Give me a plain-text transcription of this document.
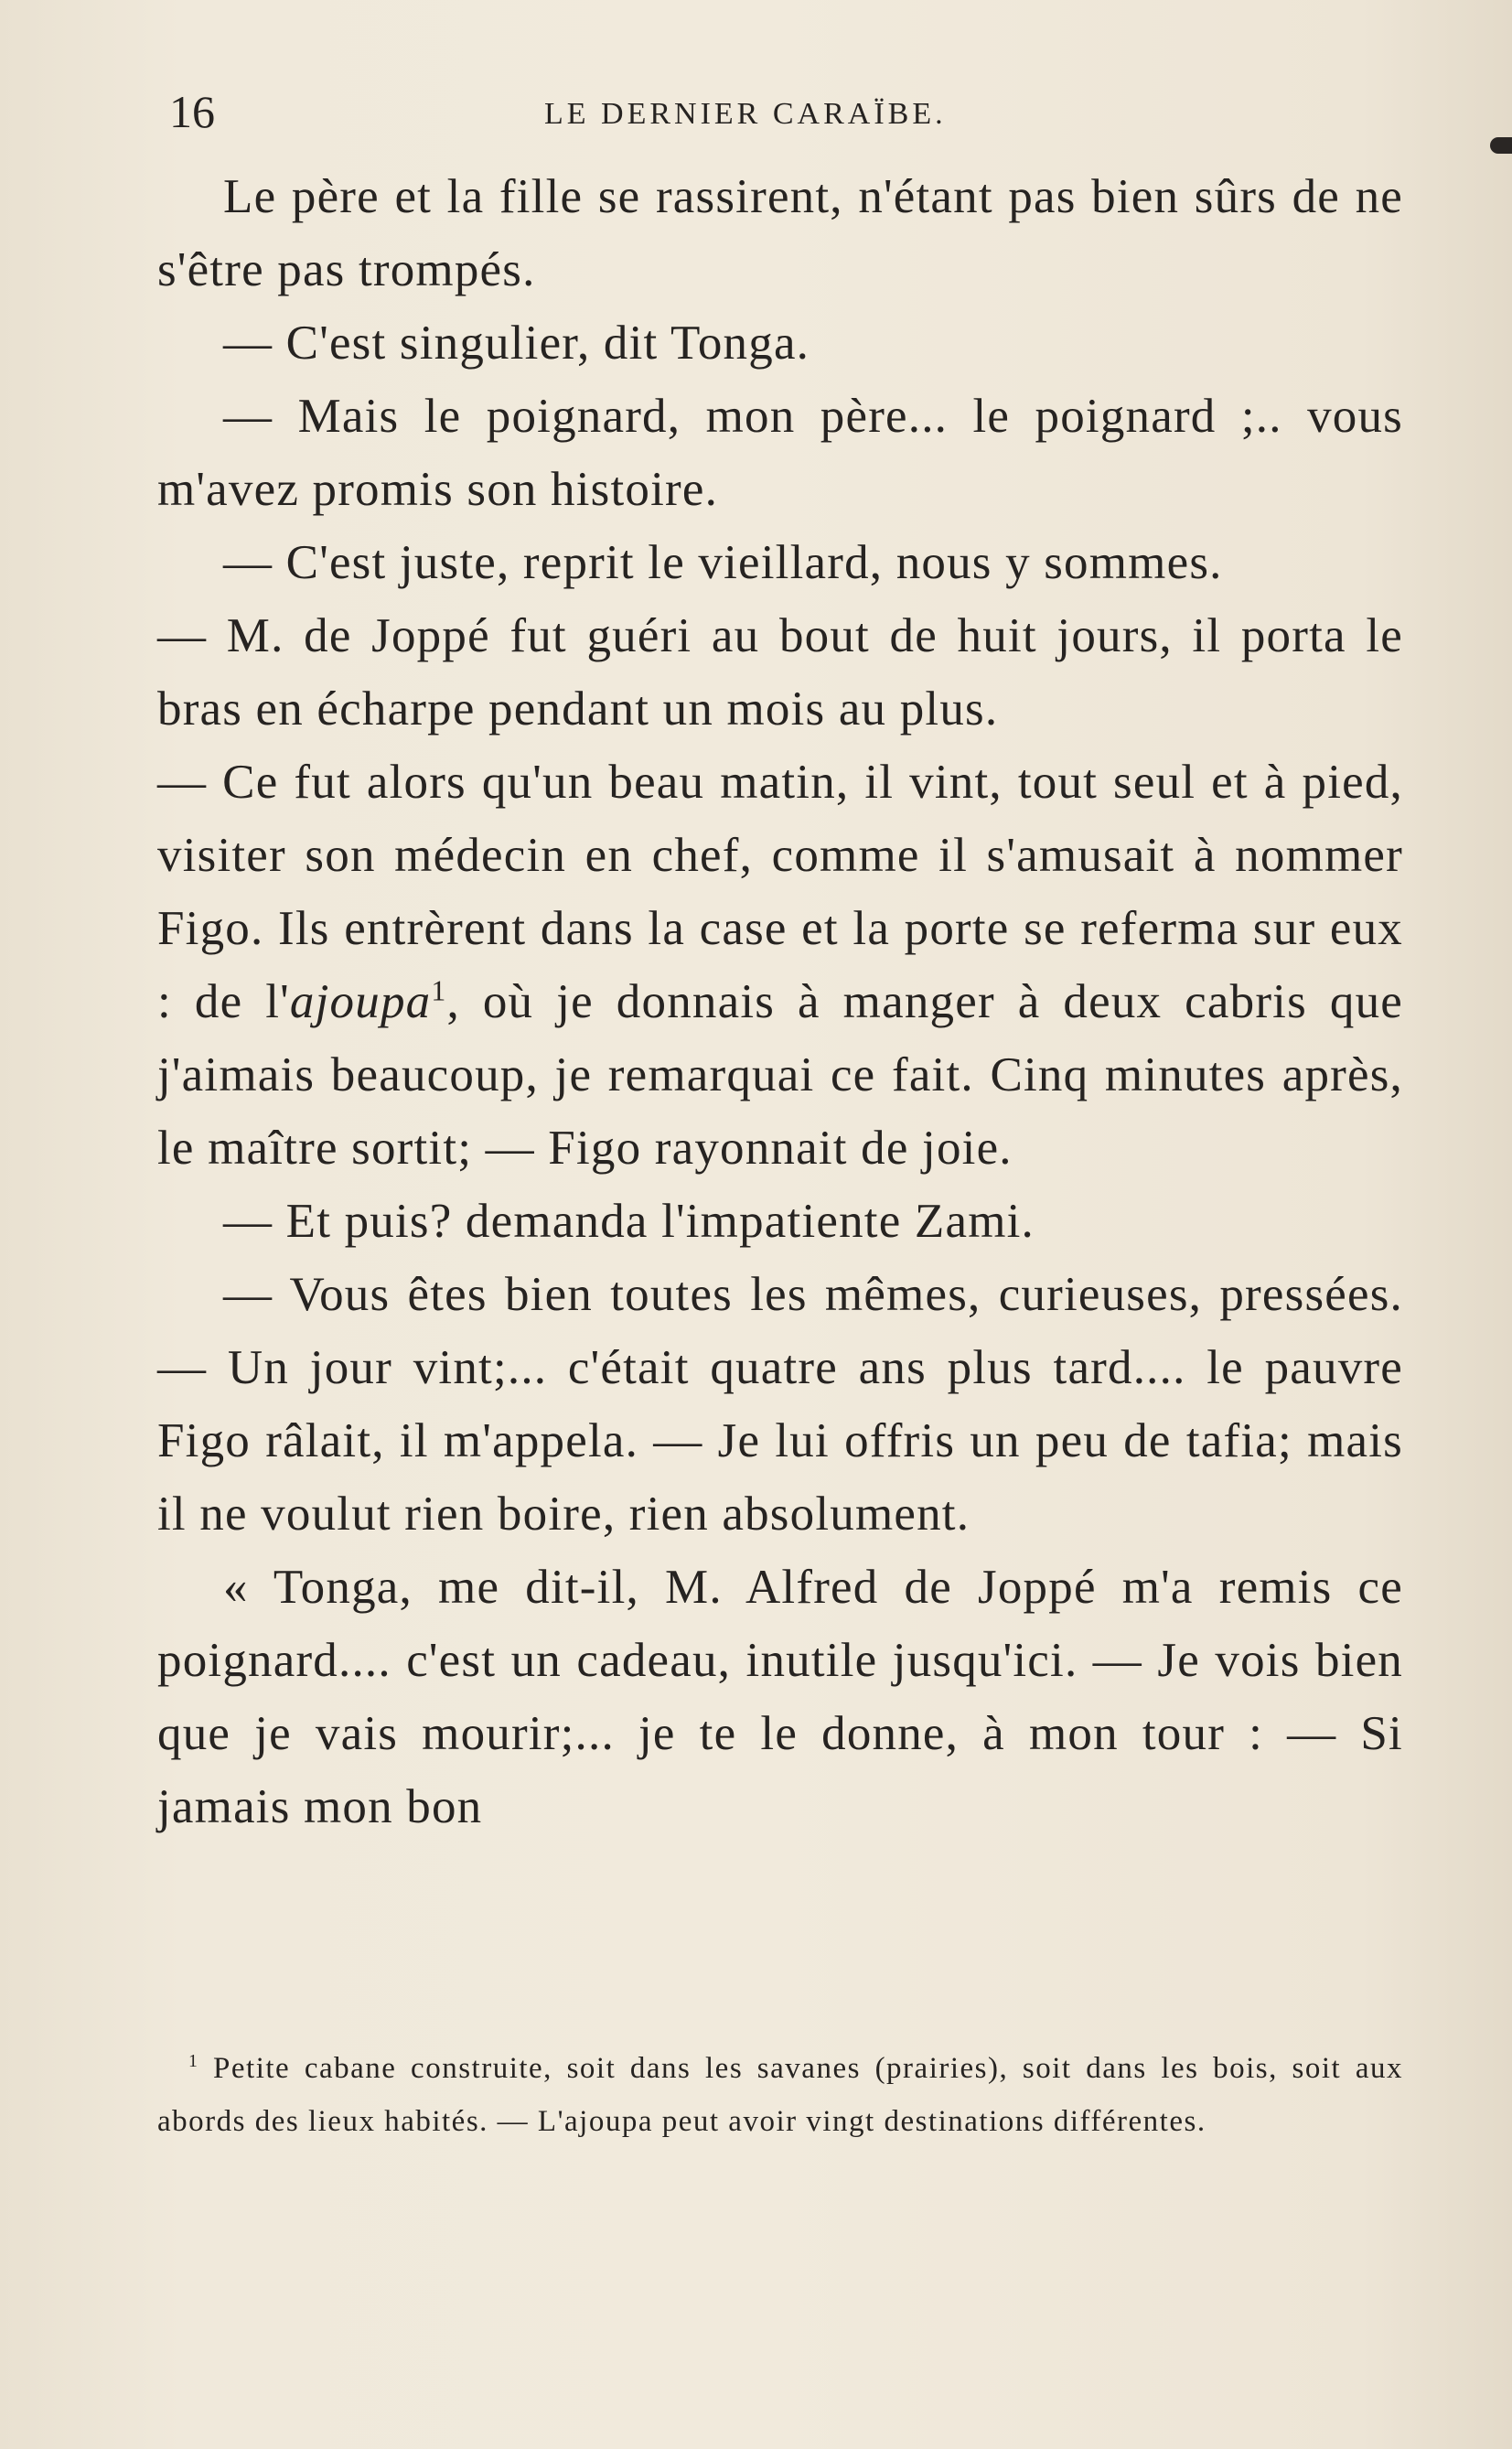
16	LE DERNIER CARAÏBE.

Le père et la fille se rassirent, n'étant pas bien sûrs de ne s'être pas trompés.

— C'est singulier, dit Tonga.

— Mais le poignard, mon père... le poignard ;.. vous m'avez promis son histoire.

— C'est juste, reprit le vieillard, nous y sommes.

— M. de Joppé fut guéri au bout de huit jours, il porta le bras en écharpe pendant un mois au plus.

— Ce fut alors qu'un beau matin, il vint, tout seul et à pied, visiter son médecin en chef, comme il s'amusait à nommer Figo. Ils entrèrent dans la case et la porte se referma sur eux : de l'ajoupa$^1$, où je donnais à manger à deux cabris que j'aimais beaucoup, je remarquai ce fait. Cinq minutes après, le maître sortit; — Figo rayonnait de joie.

— Et puis? demanda l'impatiente Zami.

— Vous êtes bien toutes les mêmes, curieuses, pressées. — Un jour vint;... c'était quatre ans plus tard.... le pauvre Figo râlait, il m'appela. — Je lui offris un peu de tafia; mais il ne voulut rien boire, rien absolument.

« Tonga, me dit-il, M. Alfred de Joppé m'a remis ce poignard.... c'est un cadeau, inutile jusqu'ici. — Je vois bien que je vais mourir;... je te le donne, à mon tour : — Si jamais mon bon

$^1$ Petite cabane construite, soit dans les savanes (prairies), soit dans les bois, soit aux abords des lieux habités. — L'ajoupa peut avoir vingt destinations différentes.
